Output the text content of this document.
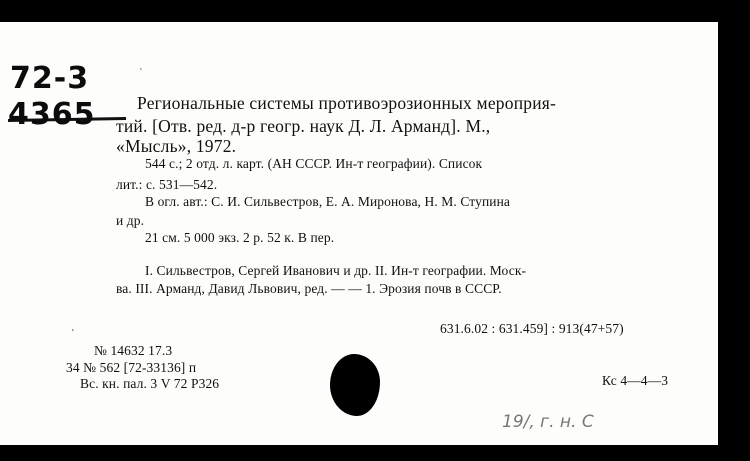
72-3
4365 Региональные системы противоэрозионных мероприя-
тий. [Отв. ред. д-р геогр. наук Д. Л. Арманд]. М.,
«Мысль», 1972.
544 с.; 2 отд. л. карт. (АН СССР. Ин-т географии). Список
лит.: с. 531—542.
В огл. авт.: С. И. Сильвестров, Е. А. Миронова, Н. М. Ступина
и др.
21 см. 5 000 экз. 2 р. 52 к. В пер.
I. Сильвестров, Сергей Иванович и др. II. Ин-т географии. Моск-
ва. III. Арманд, Давид Львович, ред. — — 1. Эрозия почв в СССР.
631.6.02 : 631.459] : 913(47+57)
№ 14632 17.3
34 № 562 [72-33136] п
Вс. кн. пал. 3 V 72 Р326	Кс 4—4—3
19/, г. н. С
'
'
